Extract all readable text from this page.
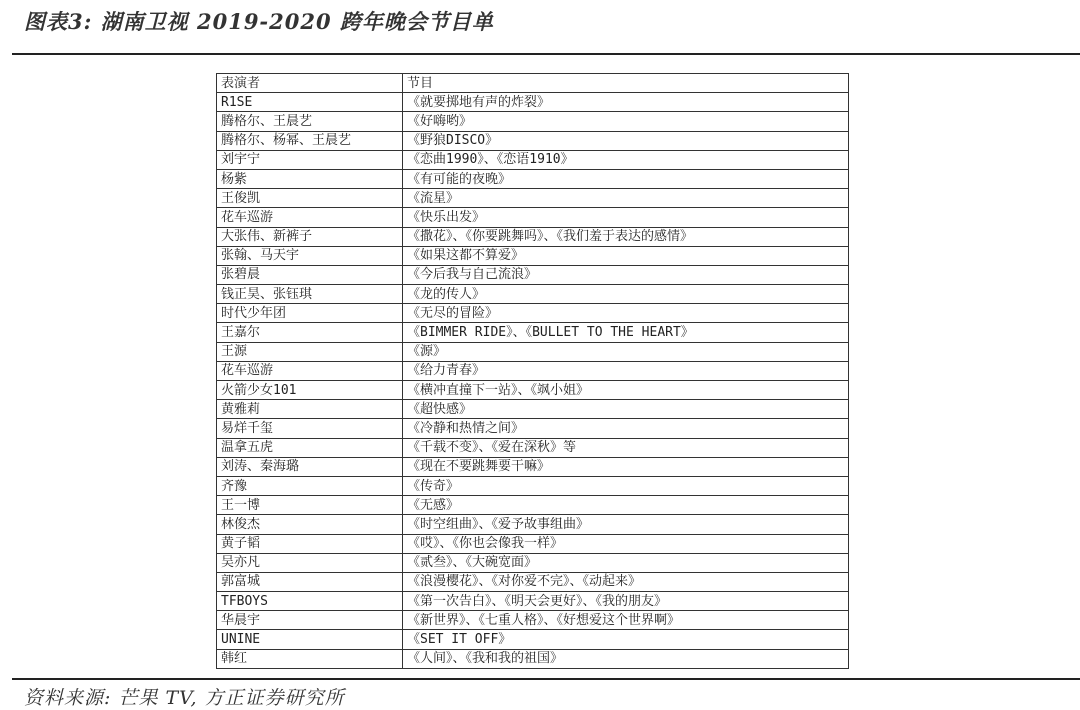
图表3: 湖南卫视 2019-2020 跨年晚会节目单
表演者	节目
R1SE	《就要掷地有声的炸裂》
腾格尔、王晨艺	《好嗨哟》
腾格尔、杨幂、王晨艺	《野狼DISCO》
刘宇宁	《恋曲1990》、《恋语1910》
杨紫	《有可能的夜晚》
王俊凯	《流星》
花车巡游	《快乐出发》
大张伟、新裤子	《撒花》、《你要跳舞吗》、《我们羞于表达的感情》
张翰、马天宇	《如果这都不算爱》
张碧晨	《今后我与自己流浪》
钱正昊、张钰琪	《龙的传人》
时代少年团	《无尽的冒险》
王嘉尔	《BIMMER RIDE》、《BULLET TO THE HEART》
王源	《源》
花车巡游	《给力青春》
火箭少女101	《横冲直撞下一站》、《飒小姐》
黄雅莉	《超快感》
易烊千玺	《冷静和热情之间》
温拿五虎	《千载不变》、《爱在深秋》等
刘涛、秦海璐	《现在不要跳舞要干嘛》
齐豫	《传奇》
王一博	《无感》
林俊杰	《时空组曲》、《爱予故事组曲》
黄子韬	《哎》、《你也会像我一样》
吴亦凡	《贰叁》、《大碗宽面》
郭富城	《浪漫樱花》、《对你爱不完》、《动起来》
TFBOYS	《第一次告白》、《明天会更好》、《我的朋友》
华晨宇	《新世界》、《七重人格》、《好想爱这个世界啊》
UNINE	《SET IT OFF》
韩红	《人间》、《我和我的祖国》
资料来源: 芒果 TV, 方正证券研究所
